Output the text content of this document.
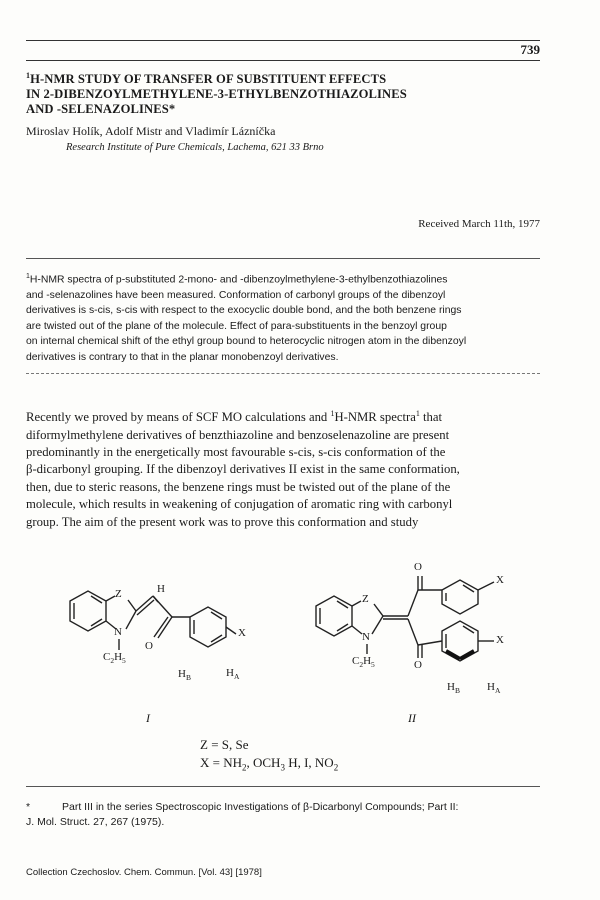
739
$^1$H-NMR STUDY OF TRANSFER OF SUBSTITUENT EFFECTS
IN 2-DIBENZOYLMETHYLENE-3-ETHYLBENZOTHIAZOLINES
AND -SELENAZOLINES*
Miroslav Holík, Adolf Mistr and Vladimír Lázníčka
Research Institute of Pure Chemicals, Lachema, 621 33 Brno
Received March 11th, 1977
$^1$H-NMR spectra of p-substituted 2-mono- and -dibenzoylmethylene-3-ethylbenzothiazolines
and -selenazolines have been measured. Conformation of carbonyl groups of the dibenzoyl
derivatives is s-cis, s-cis with respect to the exocyclic double bond, and the both benzene rings
are twisted out of the plane of the molecule. Effect of para-substituents in the benzoyl group
on internal chemical shift of the ethyl group bound to heterocyclic nitrogen atom in the dibenzoyl
derivatives is contrary to that in the planar monobenzoyl derivatives.
Recently we proved by means of SCF MO calculations and $^1$H-NMR spectra$^1$ that
diformylmethylene derivatives of benzthiazoline and benzoselenazoline are present
predominantly in the energetically most favourable s-cis, s-cis conformation of the
β-dicarbonyl grouping. If the dibenzoyl derivatives II exist in the same conformation,
then, due to steric reasons, the benzene rings must be twisted out of the plane of the
molecule, which results in weakening of conjugation of aromatic ring with carbonyl
group. The aim of the present work was to prove this conformation and study
Z	H
N
O
X
$C_2H_5$
$H_B$	$H_A$
I
O
X
Z
N	X
$C_2H_5$	O
$H_B$ $H_A$
II
Z = S, Se
$X = NH_2$, $OCH_3$ H, I, $NO_2$
*	Part III in the series Spectroscopic Investigations of β-Dicarbonyl Compounds; Part II:
J. Mol. Struct. 27, 267 (1975).
Collection Czechoslov. Chem. Commun. [Vol. 43] [1978]
